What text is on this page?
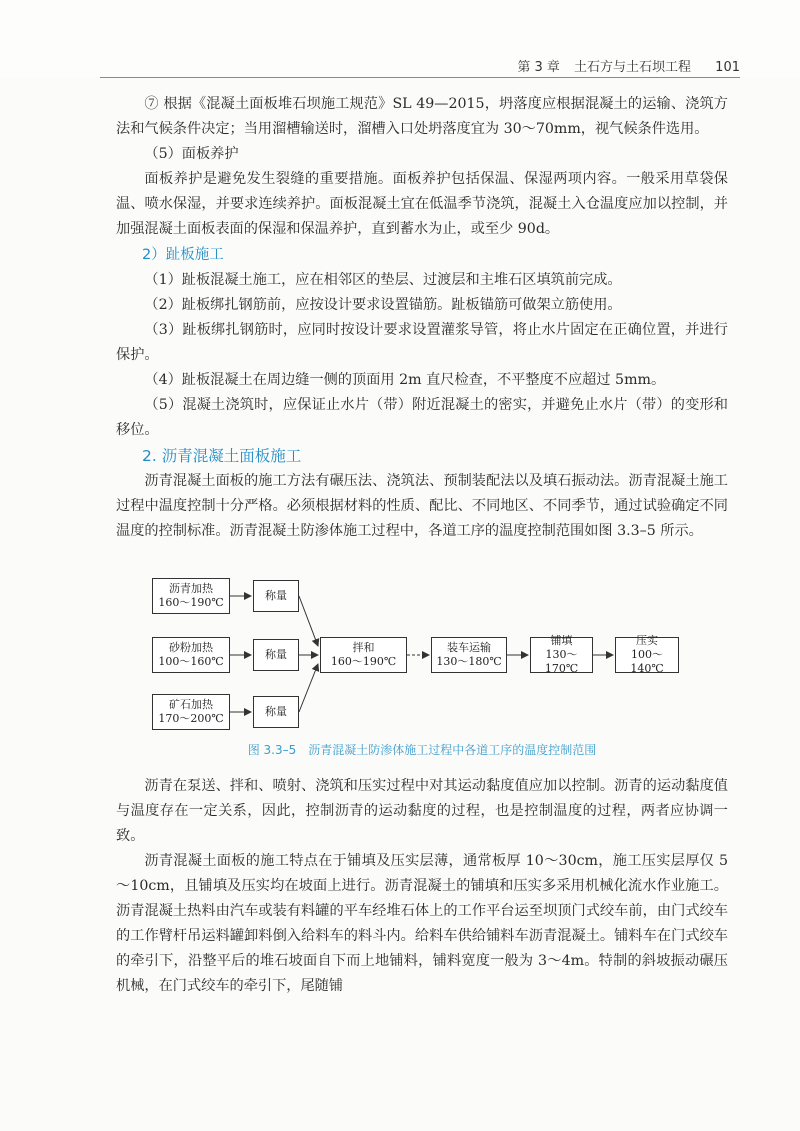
第 3 章 土石方与土石坝工程 101

⑦ 根据《混凝土面板堆石坝施工规范》SL 49—2015，坍落度应根据混凝土的运输、浇筑方法和气候条件决定；当用溜槽输送时，溜槽入口处坍落度宜为 30～70mm，视气候条件选用。

（5）面板养护

面板养护是避免发生裂缝的重要措施。面板养护包括保温、保湿两项内容。一般采用草袋保温、喷水保湿，并要求连续养护。面板混凝土宜在低温季节浇筑，混凝土入仓温度应加以控制，并加强混凝土面板表面的保湿和保温养护，直到蓄水为止，或至少 90d。

2）趾板施工

（1）趾板混凝土施工，应在相邻区的垫层、过渡层和主堆石区填筑前完成。

（2）趾板绑扎钢筋前，应按设计要求设置锚筋。趾板锚筋可做架立筋使用。

（3）趾板绑扎钢筋时，应同时按设计要求设置灌浆导管，将止水片固定在正确位置，并进行保护。

（4）趾板混凝土在周边缝一侧的顶面用 2m 直尺检查，不平整度不应超过 5mm。

（5）混凝土浇筑时，应保证止水片（带）附近混凝土的密实，并避免止水片（带）的变形和移位。

2. 沥青混凝土面板施工

沥青混凝土面板的施工方法有碾压法、浇筑法、预制装配法以及填石振动法。沥青混凝土施工过程中温度控制十分严格。必须根据材料的性质、配比、不同地区、不同季节，通过试验确定不同温度的控制标准。沥青混凝土防渗体施工过程中，各道工序的温度控制范围如图 3.3–5 所示。

沥青加热
160～190℃
砂粉加热
100～160℃
矿石加热
170～200℃
称量
称量
称量
拌和
160～190℃
装车运输
130～180℃
铺填
130～170℃
压实
100～140℃
图 3.3–5　沥青混凝土防渗体施工过程中各道工序的温度控制范围

沥青在泵送、拌和、喷射、浇筑和压实过程中对其运动黏度值应加以控制。沥青的运动黏度值与温度存在一定关系，因此，控制沥青的运动黏度的过程，也是控制温度的过程，两者应协调一致。

沥青混凝土面板的施工特点在于铺填及压实层薄，通常板厚 10～30cm，施工压实层厚仅 5～10cm，且铺填及压实均在坡面上进行。沥青混凝土的铺填和压实多采用机械化流水作业施工。沥青混凝土热料由汽车或装有料罐的平车经堆石体上的工作平台运至坝顶门式绞车前，由门式绞车的工作臂杆吊运料罐卸料倒入给料车的料斗内。给料车供给铺料车沥青混凝土。铺料车在门式绞车的牵引下，沿整平后的堆石坡面自下而上地铺料，铺料宽度一般为 3～4m。特制的斜坡振动碾压机械，在门式绞车的牵引下，尾随铺
